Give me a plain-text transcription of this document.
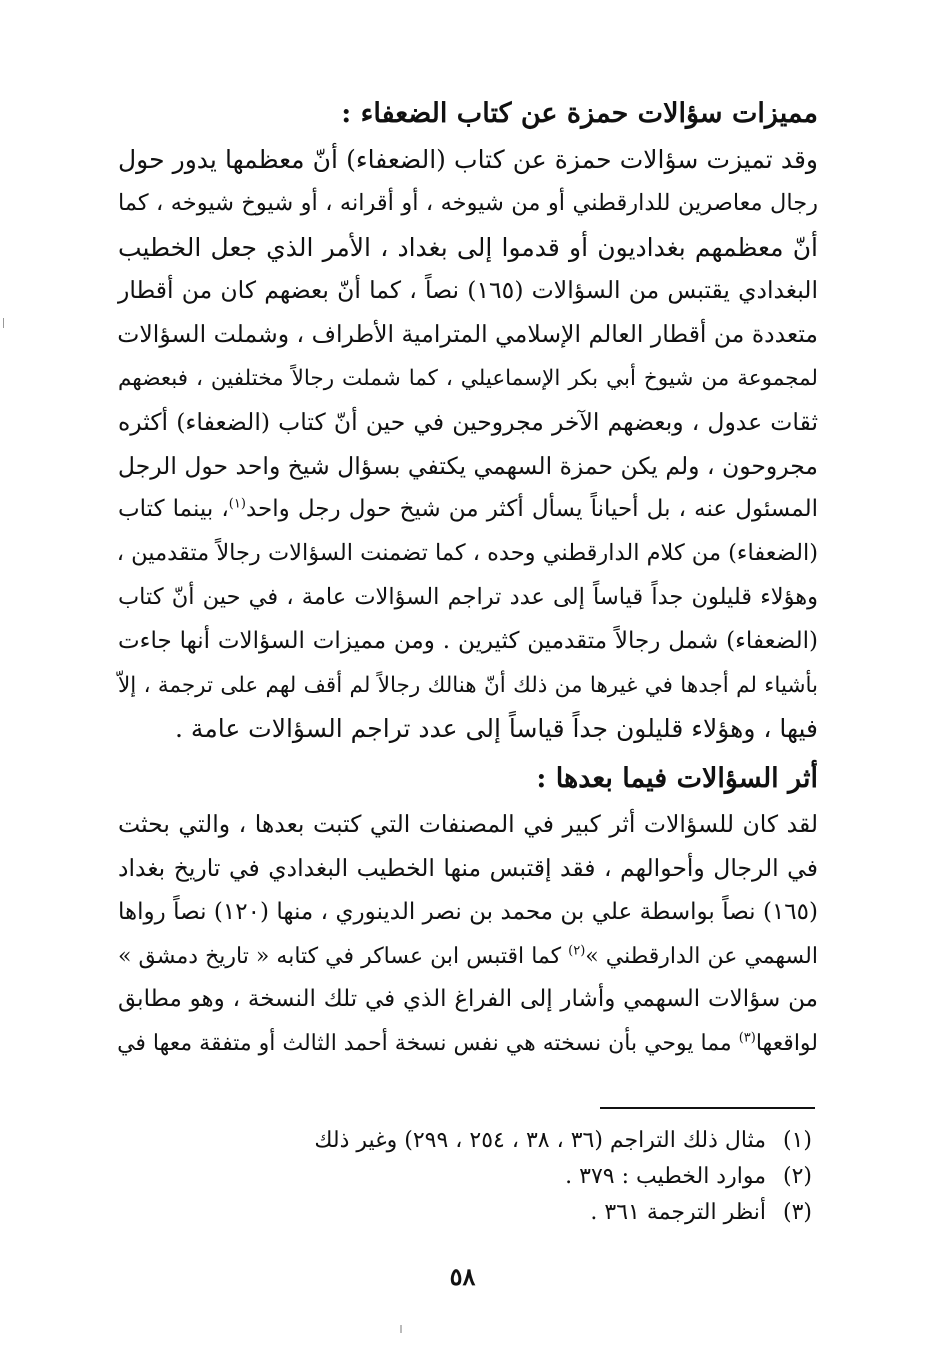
مميزات سؤالات حمزة عن كتاب الضعفاء :
وقد تميزت سؤالات حمزة عن كتاب (الضعفاء) أنّ معظمها يدور حول
رجال معاصرين للدارقطني أو من شيوخه ، أو أقرانه ، أو شيوخ شيوخه ، كما
أنّ معظمهم بغداديون أو قدموا إلى بغداد ، الأمر الذي جعل الخطيب
البغدادي يقتبس من السؤالات (١٦٥) نصاً ، كما أنّ بعضهم كان من أقطار
متعددة من أقطار العالم الإسلامي المترامية الأطراف ، وشملت السؤالات
لمجموعة من شيوخ أبي بكر الإسماعيلي ، كما شملت رجالاً مختلفين ، فبعضهم
ثقات عدول ، وبعضهم الآخر مجروحين في حين أنّ كتاب (الضعفاء) أكثره
مجروحون ، ولم يكن حمزة السهمي يكتفي بسؤال شيخ واحد حول الرجل
المسئول عنه ، بل أحياناً يسأل أكثر من شيخ حول رجل واحد$^{(١)}$، بينما كتاب
(الضعفاء) من كلام الدارقطني وحده ، كما تضمنت السؤالات رجالاً متقدمين ،
وهؤلاء قليلون جداً قياساً إلى عدد تراجم السؤالات عامة ، في حين أنّ كتاب
(الضعفاء) شمل رجالاً متقدمين كثيرين . ومن مميزات السؤالات أنها جاءت
بأشياء لم أجدها في غيرها من ذلك أنّ هنالك رجالاً لم أقف لهم على ترجمة ، إلاّ
فيها ، وهؤلاء قليلون جداً قياساً إلى عدد تراجم السؤالات عامة .
أثر السؤالات فيما بعدها :
لقد كان للسؤالات أثر كبير في المصنفات التي كتبت بعدها ، والتي بحثت
في الرجال وأحوالهم ، فقد إقتبس منها الخطيب البغدادي في تاريخ بغداد
(١٦٥) نصاً بواسطة علي بن محمد بن نصر الدينوري ، منها (١٢٠) نصاً رواها
السهمي عن الدارقطني »$^{(٢)}$ كما اقتبس ابن عساكر في كتابه « تاريخ دمشق »
من سؤالات السهمي وأشار إلى الفراغ الذي في تلك النسخة ، وهو مطابق
لواقعها$^{(٣)}$ مما يوحي بأن نسخته هي نفس نسخة أحمد الثالث أو متفقة معها في
(١)
مثال ذلك التراجم (٣٦ ، ٣٨ ، ٢٥٤ ، ٢٩٩) وغير ذلك
(٢)
موارد الخطيب : ٣٧٩ .
(٣)
أنظر الترجمة ٣٦١ .
٥٨
